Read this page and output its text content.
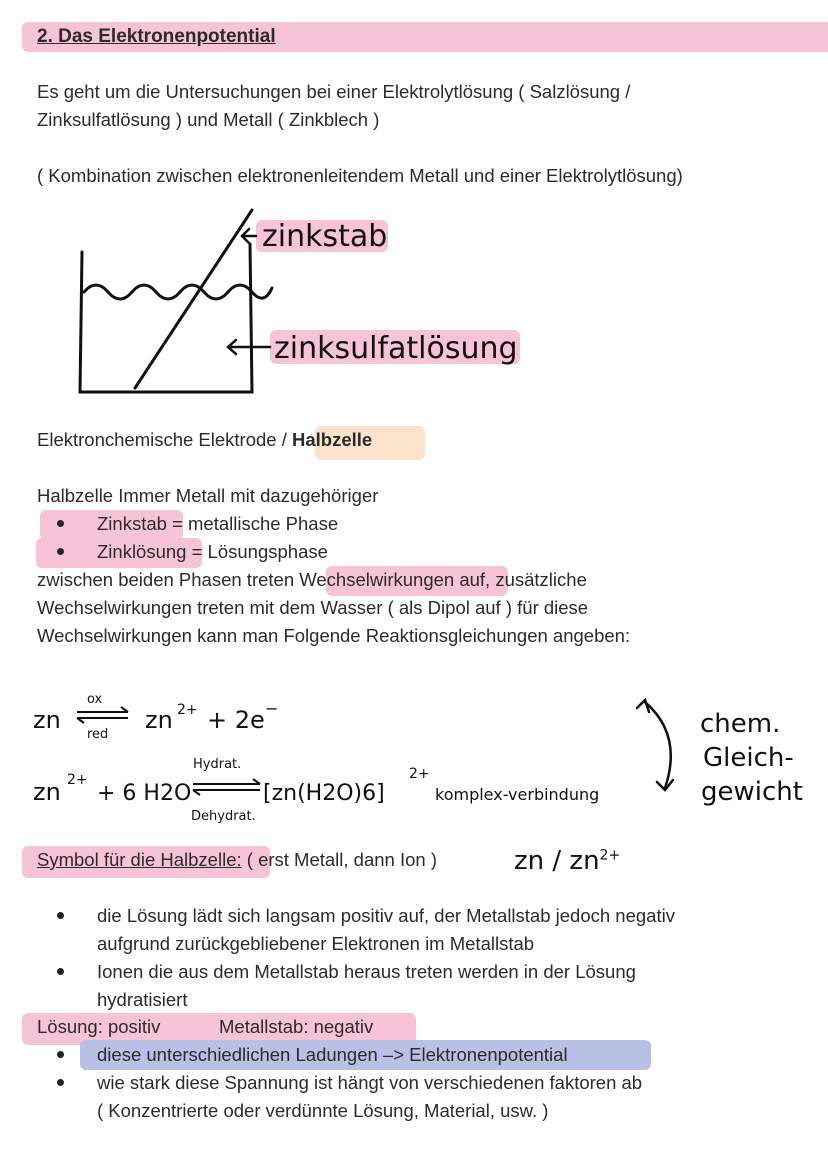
2. Das Elektronenpotential
Es geht um die Untersuchungen bei einer Elektrolytlösung ( Salzlösung /
Zinksulfatlösung ) und Metall ( Zinkblech )
( Kombination zwischen elektronenleitendem Metall und einer Elektrolytlösung)
zinkstab
zinksulfatlösung
Elektronchemische Elektrode / Halbzelle
Halbzelle Immer Metall mit dazugehöriger
Zinkstab = metallische Phase
Zinklösung = Lösungsphase
zwischen beiden Phasen treten Wechselwirkungen auf, zusätzliche
Wechselwirkungen treten mit dem Wasser ( als Dipol auf ) für diese
Wechselwirkungen kann man Folgende Reaktionsgleichungen angeben:
zn
ox
red
zn 2+ + 2e −
zn 2+
+ 6 H2O
Hydrat.
Dehydrat.
[zn(H2O)6]
2+
komplex-verbindung
chem.
Gleich-
gewicht
Symbol für die Halbzelle: ( erst Metall, dann Ion )	zn / $zn^{2+}$
die Lösung lädt sich langsam positiv auf, der Metallstab jedoch negativ
aufgrund zurückgebliebener Elektronen im Metallstab
Ionen die aus dem Metallstab heraus treten werden in der Lösung
hydratisiert
Lösung: positiv	Metallstab: negativ
diese unterschiedlichen Ladungen –> Elektronenpotential
wie stark diese Spannung ist hängt von verschiedenen faktoren ab
( Konzentrierte oder verdünnte Lösung, Material, usw. )
